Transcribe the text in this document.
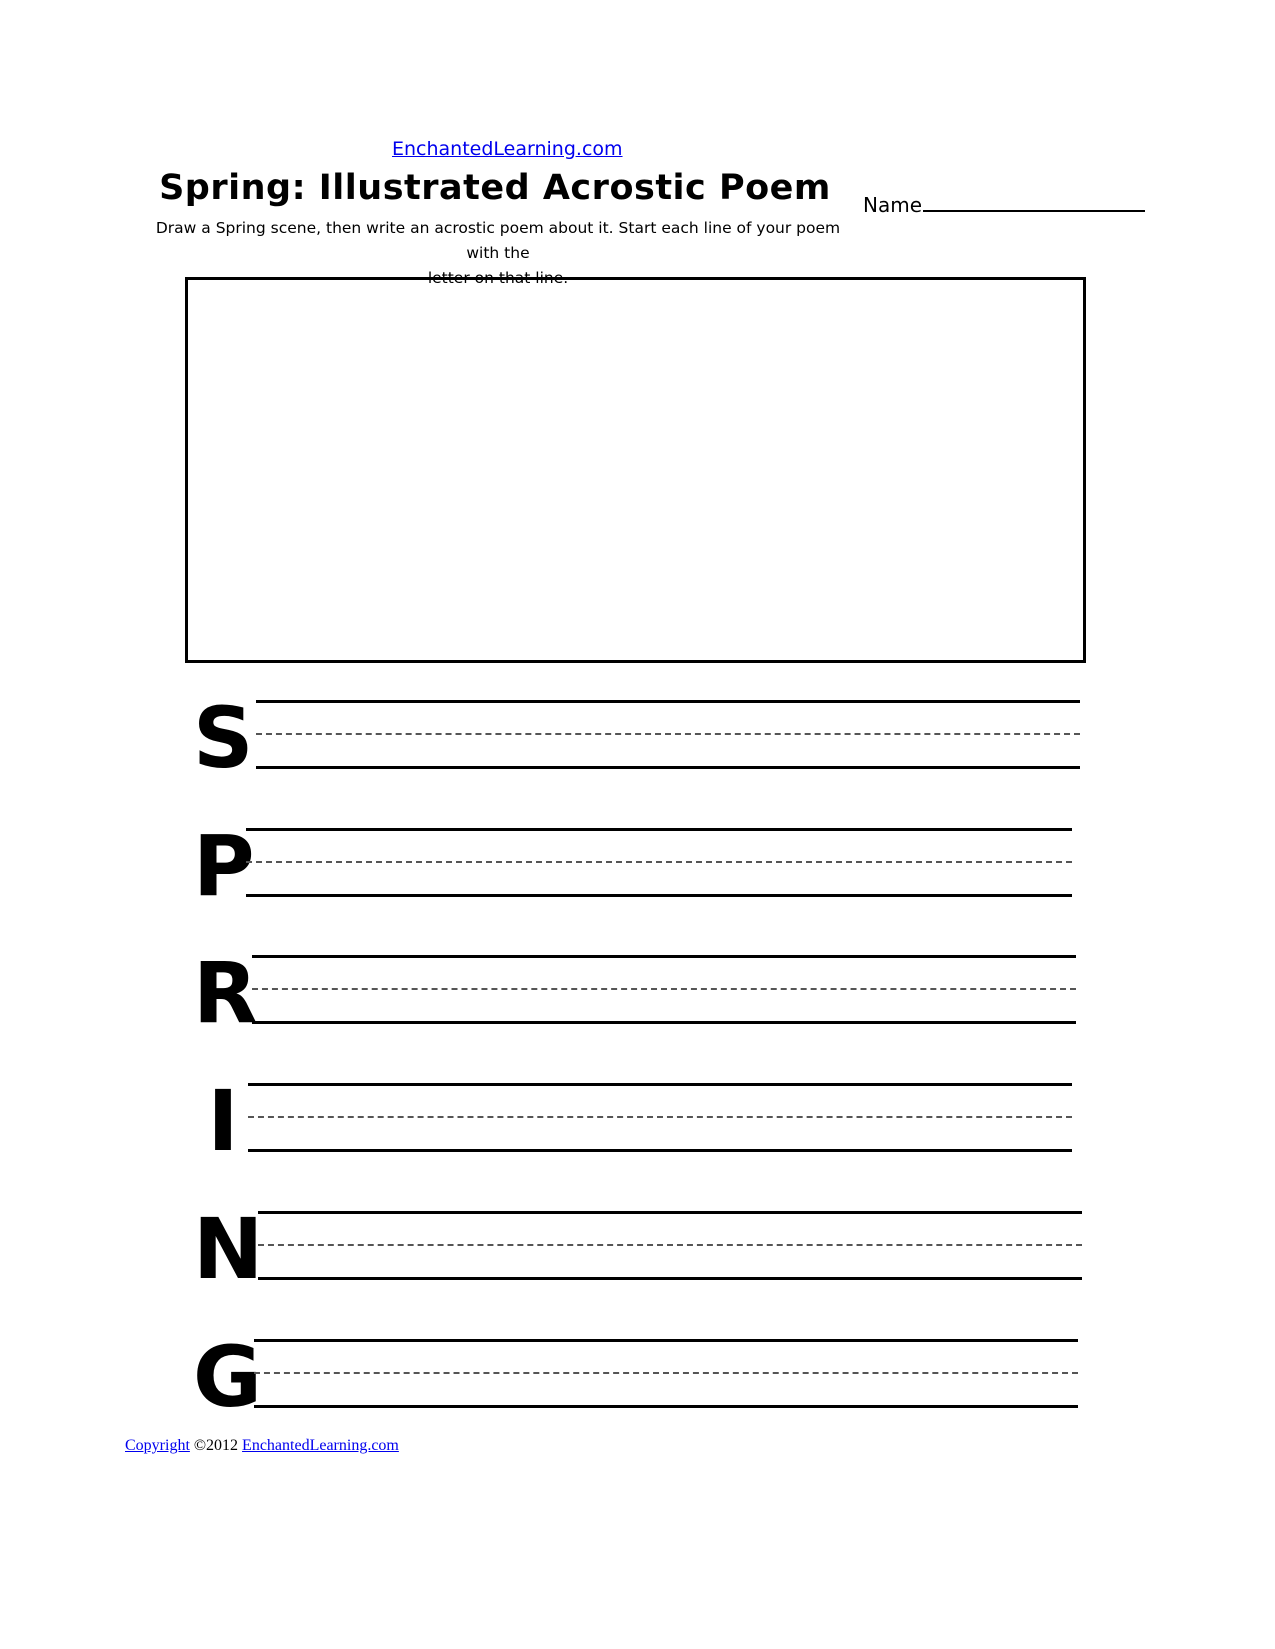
EnchantedLearning.com
Spring: Illustrated Acrostic Poem	Name
Draw a Spring scene, then write an acrostic poem about it. Start each line of your poem with the
letter on that line.
S
P
R
I
N
G
Copyright ©2012 EnchantedLearning.com
